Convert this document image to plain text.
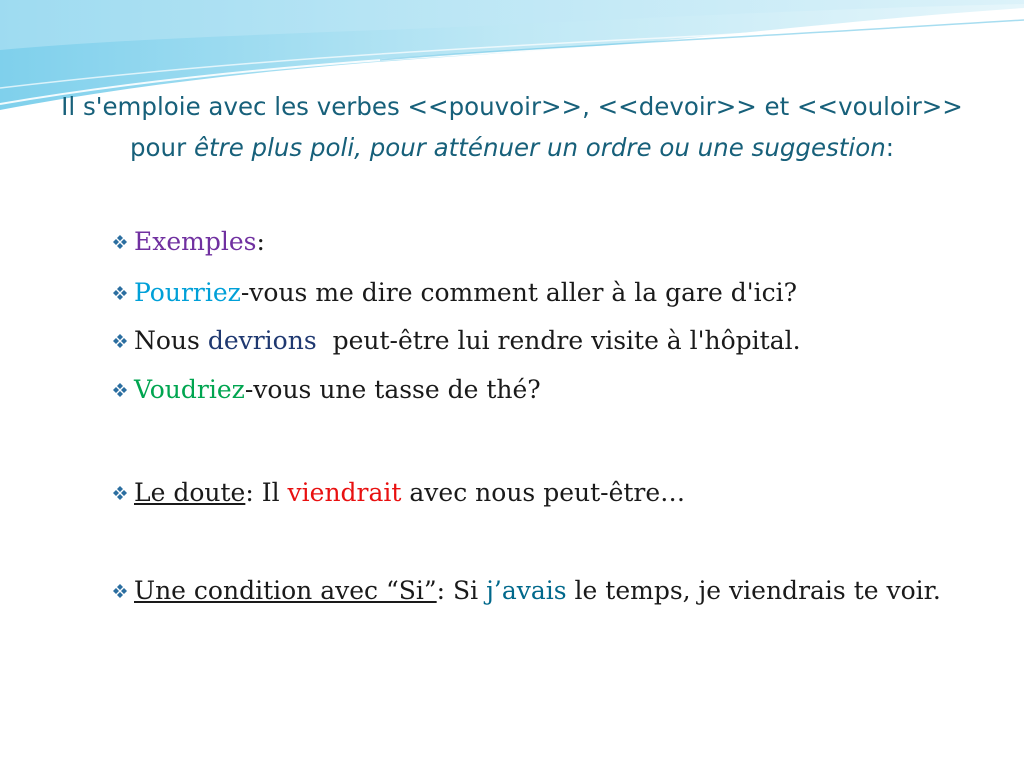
Il s'emploie avec les verbes <<pouvoir>>, <<devoir>> et <<vouloir>> pour être plus poli, pour atténuer un ordre ou une suggestion:
Exemples:
Pourriez-vous me dire comment aller à la gare d'ici?
Nous devrions  peut-être lui rendre visite à l'hôpital.
Voudriez-vous une tasse de thé?
Le doute: Il viendrait avec nous peut-être…
Une condition avec “Si”: Si j’avais le temps, je viendrais te voir.
